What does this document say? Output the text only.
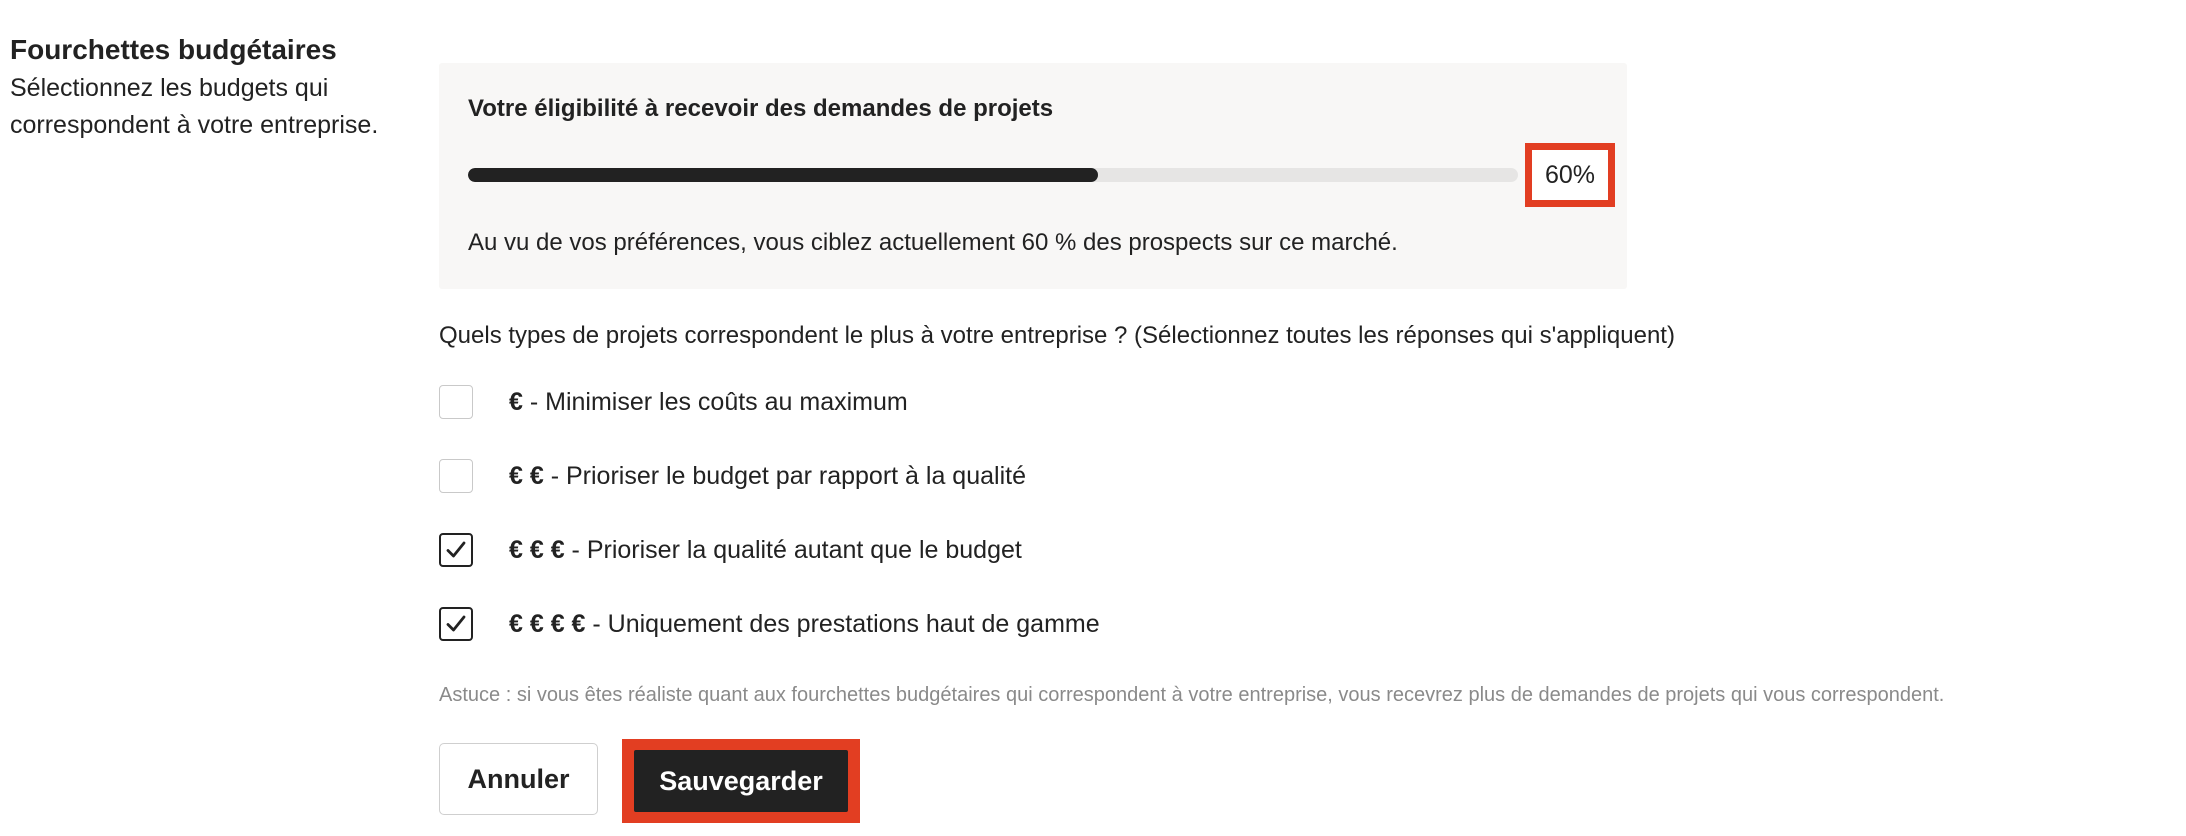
Fourchettes budgétaires

Sélectionnez les budgets qui correspondent à votre entreprise.

Votre éligibilité à recevoir des demandes de projets
60%
Au vu de vos préférences, vous ciblez actuellement 60 % des prospects sur ce marché.
Quels types de projets correspondent le plus à votre entreprise ? (Sélectionnez toutes les réponses qui s'appliquent)
€ - Minimiser les coûts au maximum
€ € - Prioriser le budget par rapport à la qualité
€ € € - Prioriser la qualité autant que le budget
€ € € € - Uniquement des prestations haut de gamme
Astuce : si vous êtes réaliste quant aux fourchettes budgétaires qui correspondent à votre entreprise, vous recevrez plus de demandes de projets qui vous correspondent.
Annuler	Sauvegarder
